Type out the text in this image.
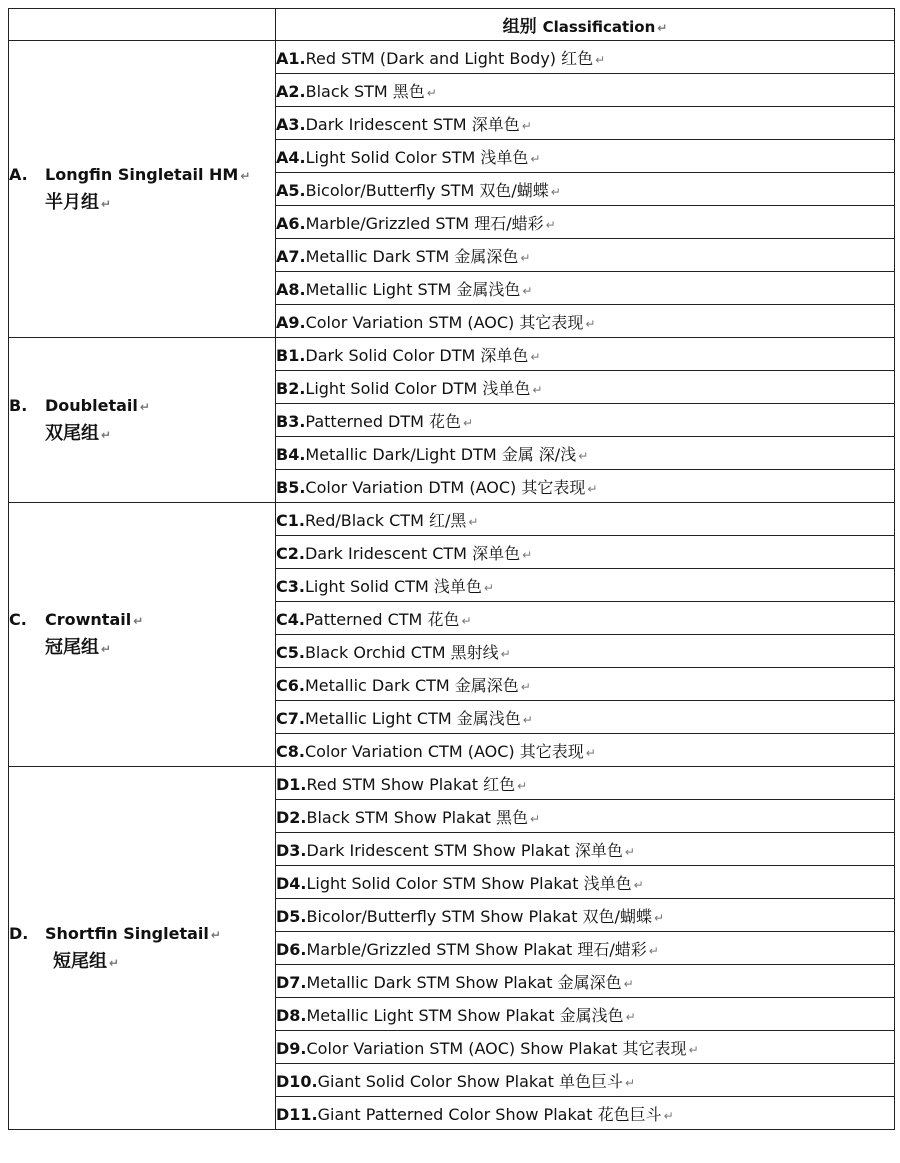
	组别 Classification ↵

A. Longfin Singletail HM ↵
半月组 ↵	A1.Red STM (Dark and Light Body) 红色 ↵
	A2.Black STM 黑色 ↵
	A3.Dark Iridescent STM 深单色 ↵
	A4.Light Solid Color STM 浅单色 ↵
	A5.Bicolor/Butterfly STM 双色/蝴蝶 ↵
	A6.Marble/Grizzled STM 理石/蜡彩 ↵
	A7.Metallic Dark STM 金属深色 ↵
	A8.Metallic Light STM 金属浅色 ↵
	A9.Color Variation STM (AOC) 其它表现 ↵

B. Doubletail ↵
双尾组 ↵	B1.Dark Solid Color DTM 深单色 ↵
	B2.Light Solid Color DTM 浅单色 ↵
	B3.Patterned DTM 花色 ↵
	B4.Metallic Dark/Light DTM 金属 深/浅 ↵
	B5.Color Variation DTM (AOC) 其它表现 ↵

C. Crowntail ↵
冠尾组 ↵	C1.Red/Black CTM 红/黑 ↵
	C2.Dark Iridescent CTM 深单色 ↵
	C3.Light Solid CTM 浅单色 ↵
	C4.Patterned CTM 花色 ↵
	C5.Black Orchid CTM 黑射线 ↵
	C6.Metallic Dark CTM 金属深色 ↵
	C7.Metallic Light CTM 金属浅色 ↵
	C8.Color Variation CTM (AOC) 其它表现 ↵

D. Shortfin Singletail ↵
短尾组 ↵	D1.Red STM Show Plakat 红色 ↵
	D2.Black STM Show Plakat 黑色 ↵
	D3.Dark Iridescent STM Show Plakat 深单色 ↵
	D4.Light Solid Color STM Show Plakat 浅单色 ↵
	D5.Bicolor/Butterfly STM Show Plakat 双色/蝴蝶 ↵
	D6.Marble/Grizzled STM Show Plakat 理石/蜡彩 ↵
	D7.Metallic Dark STM Show Plakat 金属深色 ↵
	D8.Metallic Light STM Show Plakat 金属浅色 ↵
	D9.Color Variation STM (AOC) Show Plakat 其它表现 ↵
	D10.Giant Solid Color Show Plakat 单色巨斗 ↵
	D11.Giant Patterned Color Show Plakat 花色巨斗 ↵
